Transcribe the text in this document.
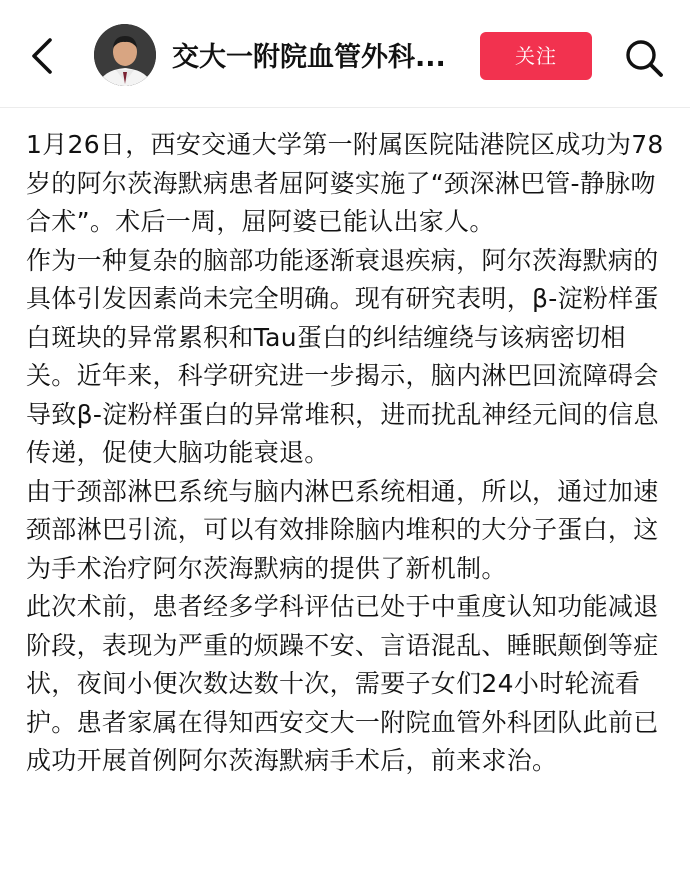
交大一附院血管外科...	关注

1月26日，西安交通大学第一附属医院陆港院区成功为78岁的阿尔茨海默病患者屈阿婆实施了“颈深淋巴管-静脉吻合术”。术后一周，屈阿婆已能认出家人。

作为一种复杂的脑部功能逐渐衰退疾病，阿尔茨海默病的具体引发因素尚未完全明确。现有研究表明，β-淀粉样蛋白斑块的异常累积和Tau蛋白的纠结缠绕与该病密切相关。近年来，科学研究进一步揭示，脑内淋巴回流障碍会导致β-淀粉样蛋白的异常堆积，进而扰乱神经元间的信息传递，促使大脑功能衰退。

由于颈部淋巴系统与脑内淋巴系统相通，所以，通过加速颈部淋巴引流，可以有效排除脑内堆积的大分子蛋白，这为手术治疗阿尔茨海默病的提供了新机制。

此次术前，患者经多学科评估已处于中重度认知功能减退阶段，表现为严重的烦躁不安、言语混乱、睡眠颠倒等症状，夜间小便次数达数十次，需要子女们24小时轮流看护。患者家属在得知西安交大一附院血管外科团队此前已成功开展首例阿尔茨海默病手术后，前来求治。
